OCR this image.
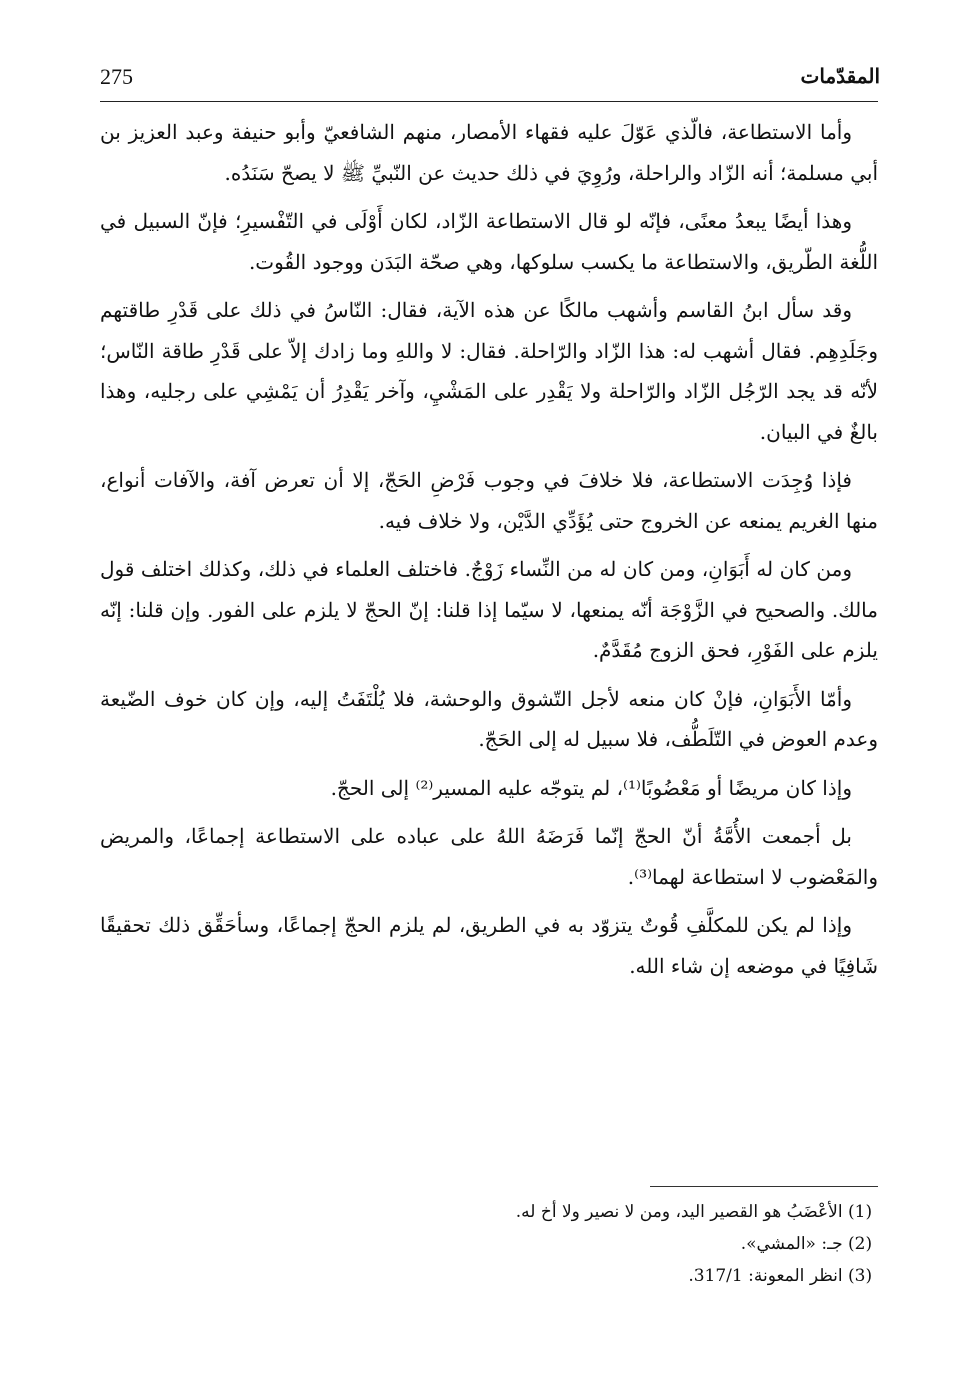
المقدّمات
275

وأما الاستطاعة، فالّذي عَوّلَ عليه فقهاء الأمصار، منهم الشافعيّ وأبو حنيفة وعبد العزيز بن أبي مسلمة؛ أنه الزّاد والراحلة، ورُوِيَ في ذلك حديث عن النّبيِّ ﷺ لا يصحّ سَنَدُه.

وهذا أيضًا يبعدُ معنًى، فإنّه لو قال الاستطاعة الزّاد، لكان أَوْلَى في التّفْسيرِ؛ فإنّ السبيل في اللُّغة الطّريق، والاستطاعة ما يكسب سلوكها، وهي صحّة البَدَن ووجود القُوت.

وقد سأل ابنُ القاسم وأشهب مالكًا عن هذه الآية، فقال: النّاسُ في ذلك على قَدْرِ طاقتهم وجَلَدِهِم. فقال أشهب له: هذا الزّاد والرّاحلة. فقال: لا واللهِ وما زادك إلاّ على قَدْرِ طاقة النّاس؛ لأنّه قد يجد الرّجُل الزّاد والرّاحلة ولا يَقْدِر على المَشْيِ، وآخر يَقْدِرُ أن يَمْشِي على رجليه، وهذا بالغٌ في البيان.

فإذا وُجِدَت الاستطاعة، فلا خلافَ في وجوب فَرْضِ الحَجّ، إلا أن تعرض آفة، والآفات أنواع، منها الغريم يمنعه عن الخروج حتى يُؤَدِّي الدَّيْن، ولا خلاف فيه.

ومن كان له أَبَوَانِ، ومن كان له من النِّساء زَوْجٌ. فاختلف العلماء في ذلك، وكذلك اختلف قول مالك. والصحيح في الزَّوْجَة أنّه يمنعها، لا سيّما إذا قلنا: إنّ الحجّ لا يلزم على الفور. وإن قلنا: إنّه يلزم على الفَوْرِ، فحق الزوج مُقَدَّمٌ.

وأمّا الأَبَوَانِ، فإنْ كان منعه لأجل التّشوق والوحشة، فلا يُلْتَفَتُ إليه، وإن كان خوف الضّيعة وعدم العوض في التّلَطُّف، فلا سبيل له إلى الحَجّ.

وإذا كان مريضًا أو مَعْضُوبًا⁽¹⁾، لم يتوجّه عليه المسير⁽²⁾ إلى الحجّ.

بل أجمعت الأُمَّةُ أنّ الحجّ إنّما فَرَضَهُ اللهُ على عباده على الاستطاعة إجماعًا، والمريض والمَعْضوب لا استطاعة لهما⁽³⁾.

وإذا لم يكن للمكلَّفِ قُوتٌ يتزوّد به في الطريق، لم يلزم الحجّ إجماعًا، وسأحَقِّق ذلك تحقيقًا شَافِيًا في موضعه إن شاء الله.

(1) الأعْضَبُ هو القصير اليد، ومن لا نصير ولا أخ له.
(2) جـ: «المشي».
(3) انظر المعونة: 317/1.
